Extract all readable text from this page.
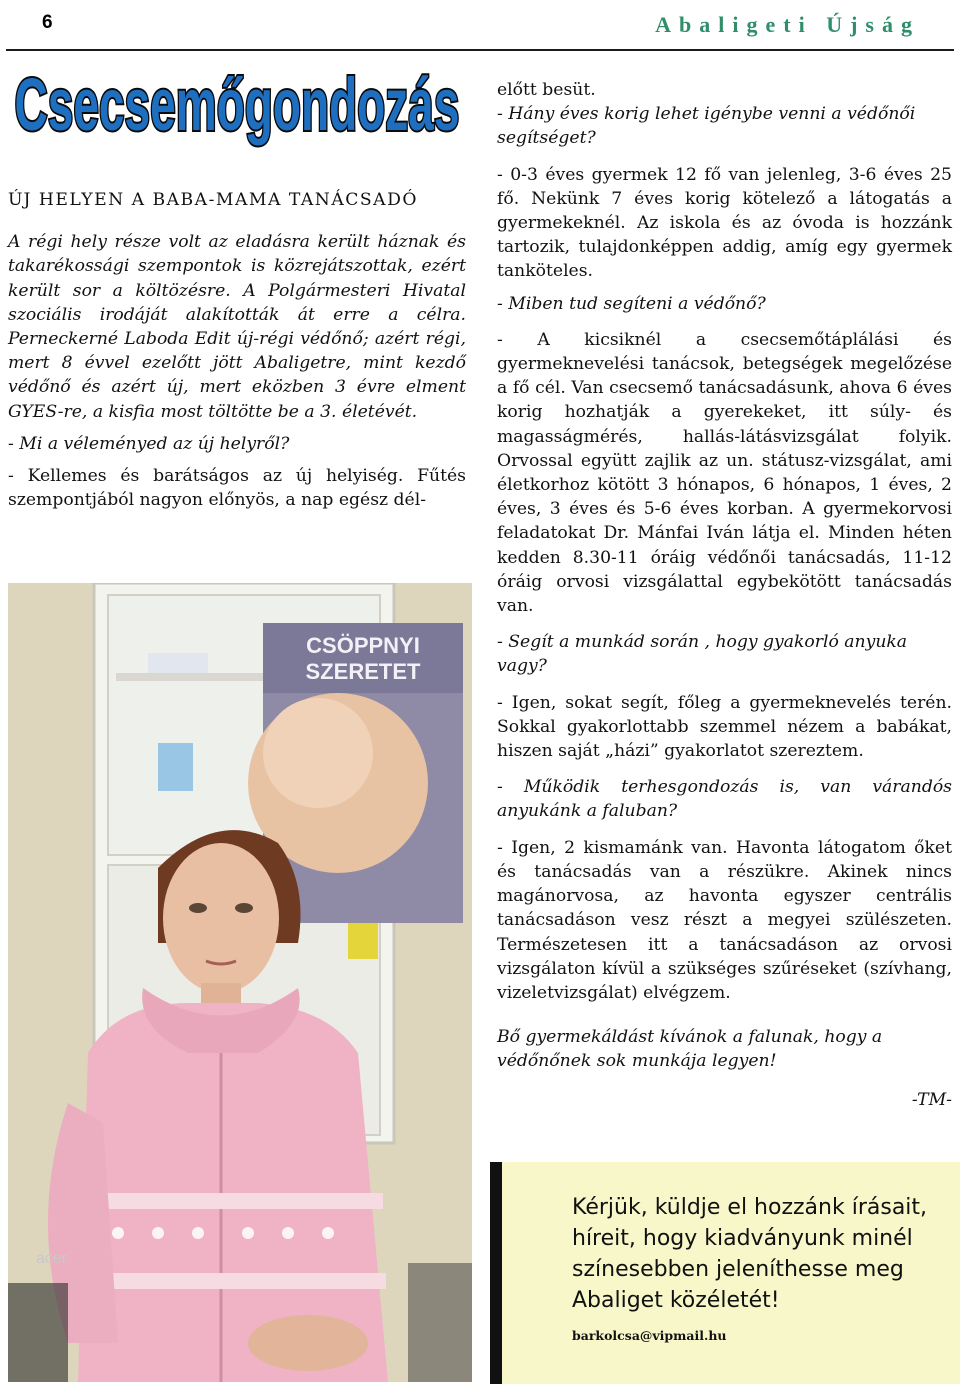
6	Abaligeti Újság
Csecsemőgondozás

ÚJ HELYEN A BABA-MAMA TANÁCSADÓ

A régi hely része volt az eladásra került háznak és takarékossági szempontok is közrejátszottak, ezért került sor a költözésre. A Polgármesteri Hivatal szociális irodáját alakították át erre a célra. Perneckerné Laboda Edit új-régi védőnő; azért régi, mert 8 évvel ezelőtt jött Abaligetre, mint kezdő védőnő és azért új, mert eközben 3 évre elment GYES-re, a kisfia most töltötte be a 3. életévét.

- Mi a véleményed az új helyről?

- Kellemes és barátságos az új helyiség. Fűtés szempontjából nagyon előnyös, a nap egész dél-

CSÖPPNYI
SZERETET
acer

előtt besüt.

- Hány éves korig lehet igénybe venni a védőnői segítséget?

- 0-3 éves gyermek 12 fő van jelenleg, 3-6 éves 25 fő. Nekünk 7 éves korig kötelező a látogatás a gyermekeknél. Az iskola és az óvoda is hozzánk tartozik, tulajdonképpen addig, amíg egy gyermek tanköteles.

- Miben tud segíteni a védőnő?

- A kicsiknél a csecsemőtáplálási és gyermeknevelési tanácsok, betegségek megelőzése a fő cél. Van csecsemő tanácsadásunk, ahova 6 éves korig hozhatják a gyerekeket, itt súly- és magasságmérés, hallás-látásvizsgálat folyik. Orvossal együtt zajlik az un. státusz-vizsgálat, ami életkorhoz kötött 3 hónapos, 6 hónapos, 1 éves, 2 éves, 3 éves és 5-6 éves korban. A gyermekorvosi feladatokat Dr. Mánfai Iván látja el. Minden héten kedden 8.30-11 óráig védőnői tanácsadás, 11-12 óráig orvosi vizsgálattal egybekötött tanácsadás van.

- Segít a munkád során , hogy gyakorló anyuka vagy?

- Igen, sokat segít, főleg a gyermeknevelés terén. Sokkal gyakorlottabb szemmel nézem a babákat, hiszen saját „házi” gyakorlatot szereztem.

- Működik terhesgondozás is, van várandós anyukánk a faluban?

- Igen, 2 kismamánk van. Havonta látogatom őket és tanácsadás van a részükre. Akinek nincs magánorvosa, az havonta egyszer centrális tanácsadáson vesz részt a megyei szülészeten. Természetesen itt a tanácsadáson az orvosi vizsgálaton kívül a szükséges szűréseket (szívhang, vizeletvizsgálat) elvégzem.

Bő gyermekáldást kívánok a falunak, hogy a védőnőnek sok munkája legyen!

-TM-

Kérjük, küldje el hozzánk írásait, híreit, hogy kiadványunk minél színesebben jeleníthesse meg Abaliget közéletét!
barkolcsa@vipmail.hu
